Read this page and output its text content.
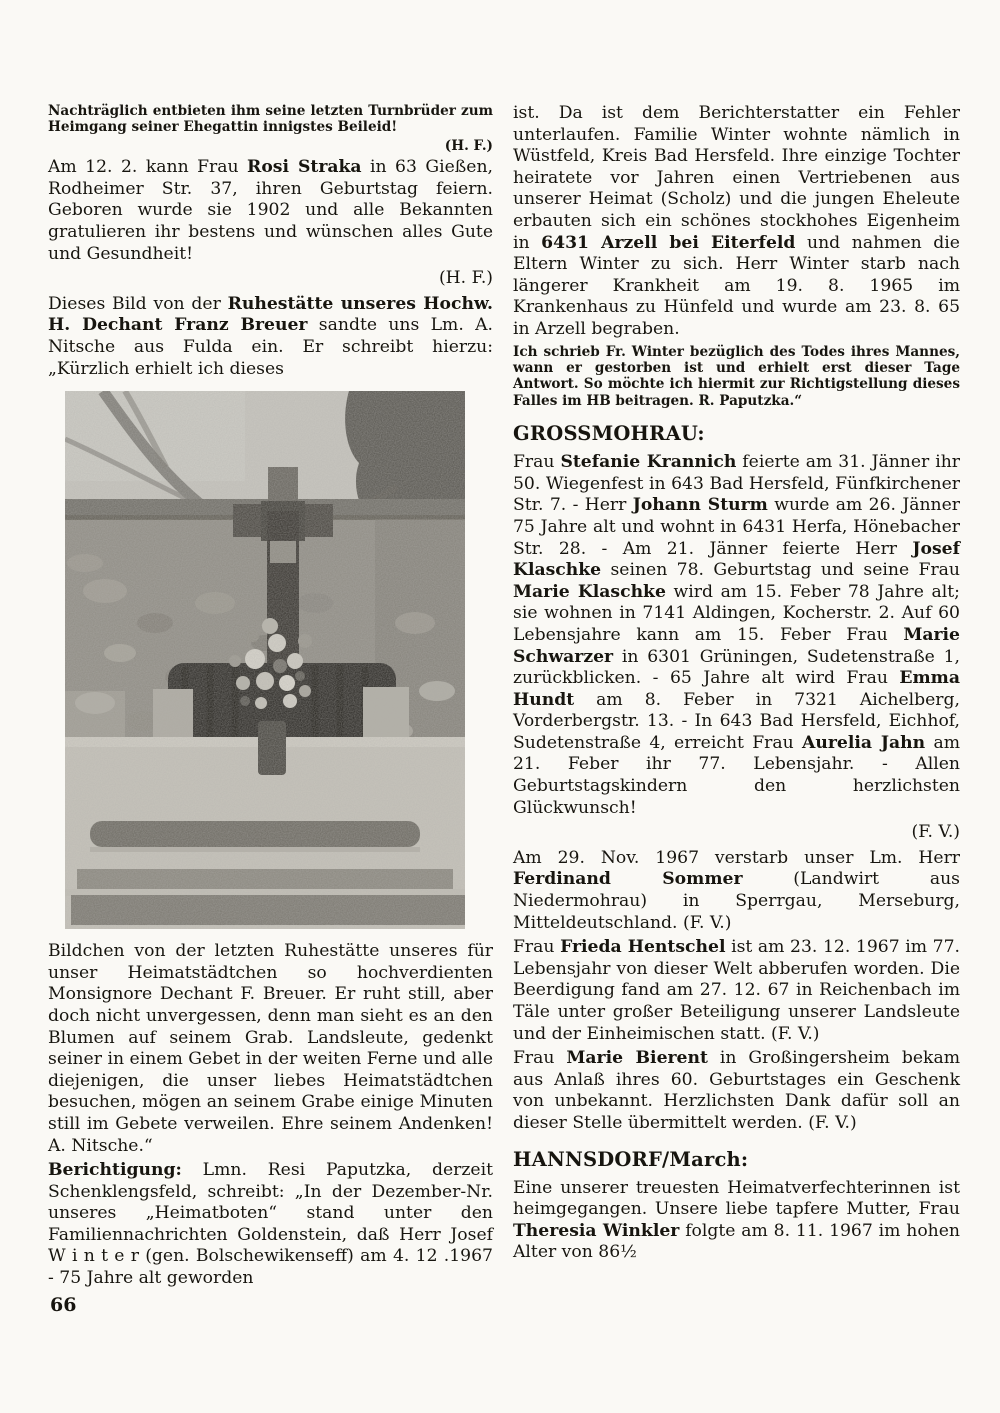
Nachträglich entbieten ihm seine letzten Turnbrüder zum Heimgang seiner Ehegattin innigstes Beileid!

(H. F.)

Am 12. 2. kann Frau Rosi Straka in 63 Gießen, Rodheimer Str. 37, ihren Geburtstag feiern. Geboren wurde sie 1902 und alle Bekannten gratulieren ihr bestens und wünschen alles Gute und Gesundheit!

(H. F.)

Dieses Bild von der Ruhestätte unseres Hochw. H. Dechant Franz Breuer sandte uns Lm. A. Nitsche aus Fulda ein. Er schreibt hierzu: „Kürzlich erhielt ich dieses

Bildchen von der letzten Ruhestätte unseres für unser Heimatstädtchen so hochverdienten Monsignore Dechant F. Breuer. Er ruht still, aber doch nicht unvergessen, denn man sieht es an den Blumen auf seinem Grab. Landsleute, gedenkt seiner in einem Gebet in der weiten Ferne und alle diejenigen, die unser liebes Heimatstädtchen besuchen, mögen an seinem Grabe einige Minuten still im Gebete verweilen. Ehre seinem Andenken! A. Nitsche.“

Berichtigung: Lmn. Resi Paputzka, derzeit Schenklengsfeld, schreibt: „In der Dezember-Nr. unseres „Heimatboten“ stand unter den Familiennachrichten Goldenstein, daß Herr Josef W i n t e r (gen. Bolschewikenseff) am 4. 12 .1967 - 75 Jahre alt geworden

ist. Da ist dem Berichterstatter ein Fehler unterlaufen. Familie Winter wohnte nämlich in Wüstfeld, Kreis Bad Hersfeld. Ihre einzige Tochter heiratete vor Jahren einen Vertriebenen aus unserer Heimat (Scholz) und die jungen Eheleute erbauten sich ein schönes stockhohes Eigenheim in 6431 Arzell bei Eiterfeld und nahmen die Eltern Winter zu sich. Herr Winter starb nach längerer Krankheit am 19. 8. 1965 im Krankenhaus zu Hünfeld und wurde am 23. 8. 65 in Arzell begraben.

Ich schrieb Fr. Winter bezüglich des Todes ihres Mannes, wann er gestorben ist und erhielt erst dieser Tage Antwort. So möchte ich hiermit zur Richtigstellung dieses Falles im HB beitragen. R. Paputzka.“

GROSSMOHRAU:

Frau Stefanie Krannich feierte am 31. Jänner ihr 50. Wiegenfest in 643 Bad Hersfeld, Fünfkirchener Str. 7. - Herr Johann Sturm wurde am 26. Jänner 75 Jahre alt und wohnt in 6431 Herfa, Hönebacher Str. 28. - Am 21. Jänner feierte Herr Josef Klaschke seinen 78. Geburtstag und seine Frau Marie Klaschke wird am 15. Feber 78 Jahre alt; sie wohnen in 7141 Aldingen, Kocherstr. 2. Auf 60 Lebensjahre kann am 15. Feber Frau Marie Schwarzer in 6301 Grüningen, Sudetenstraße 1, zurückblicken. - 65 Jahre alt wird Frau Emma Hundt am 8. Feber in 7321 Aichelberg, Vorderbergstr. 13. - In 643 Bad Hersfeld, Eichhof, Sudetenstraße 4, erreicht Frau Aurelia Jahn am 21. Feber ihr 77. Lebensjahr. - Allen Geburtstagskindern den herzlichsten Glückwunsch!

(F. V.)

Am 29. Nov. 1967 verstarb unser Lm. Herr Ferdinand Sommer (Landwirt aus Niedermohrau) in Sperrgau, Merseburg, Mitteldeutschland. (F. V.)

Frau Frieda Hentschel ist am 23. 12. 1967 im 77. Lebensjahr von dieser Welt abberufen worden. Die Beerdigung fand am 27. 12. 67 in Reichenbach im Täle unter großer Beteiligung unserer Landsleute und der Einheimischen statt. (F. V.)

Frau Marie Bierent in Großingersheim bekam aus Anlaß ihres 60. Geburtstages ein Geschenk von unbekannt. Herzlichsten Dank dafür soll an dieser Stelle übermittelt werden. (F. V.)

HANNSDORF/March:

Eine unserer treuesten Heimatverfechterinnen ist heimgegangen. Unsere liebe tapfere Mutter, Frau Theresia Winkler folgte am 8. 11. 1967 im hohen Alter von 86½

66
